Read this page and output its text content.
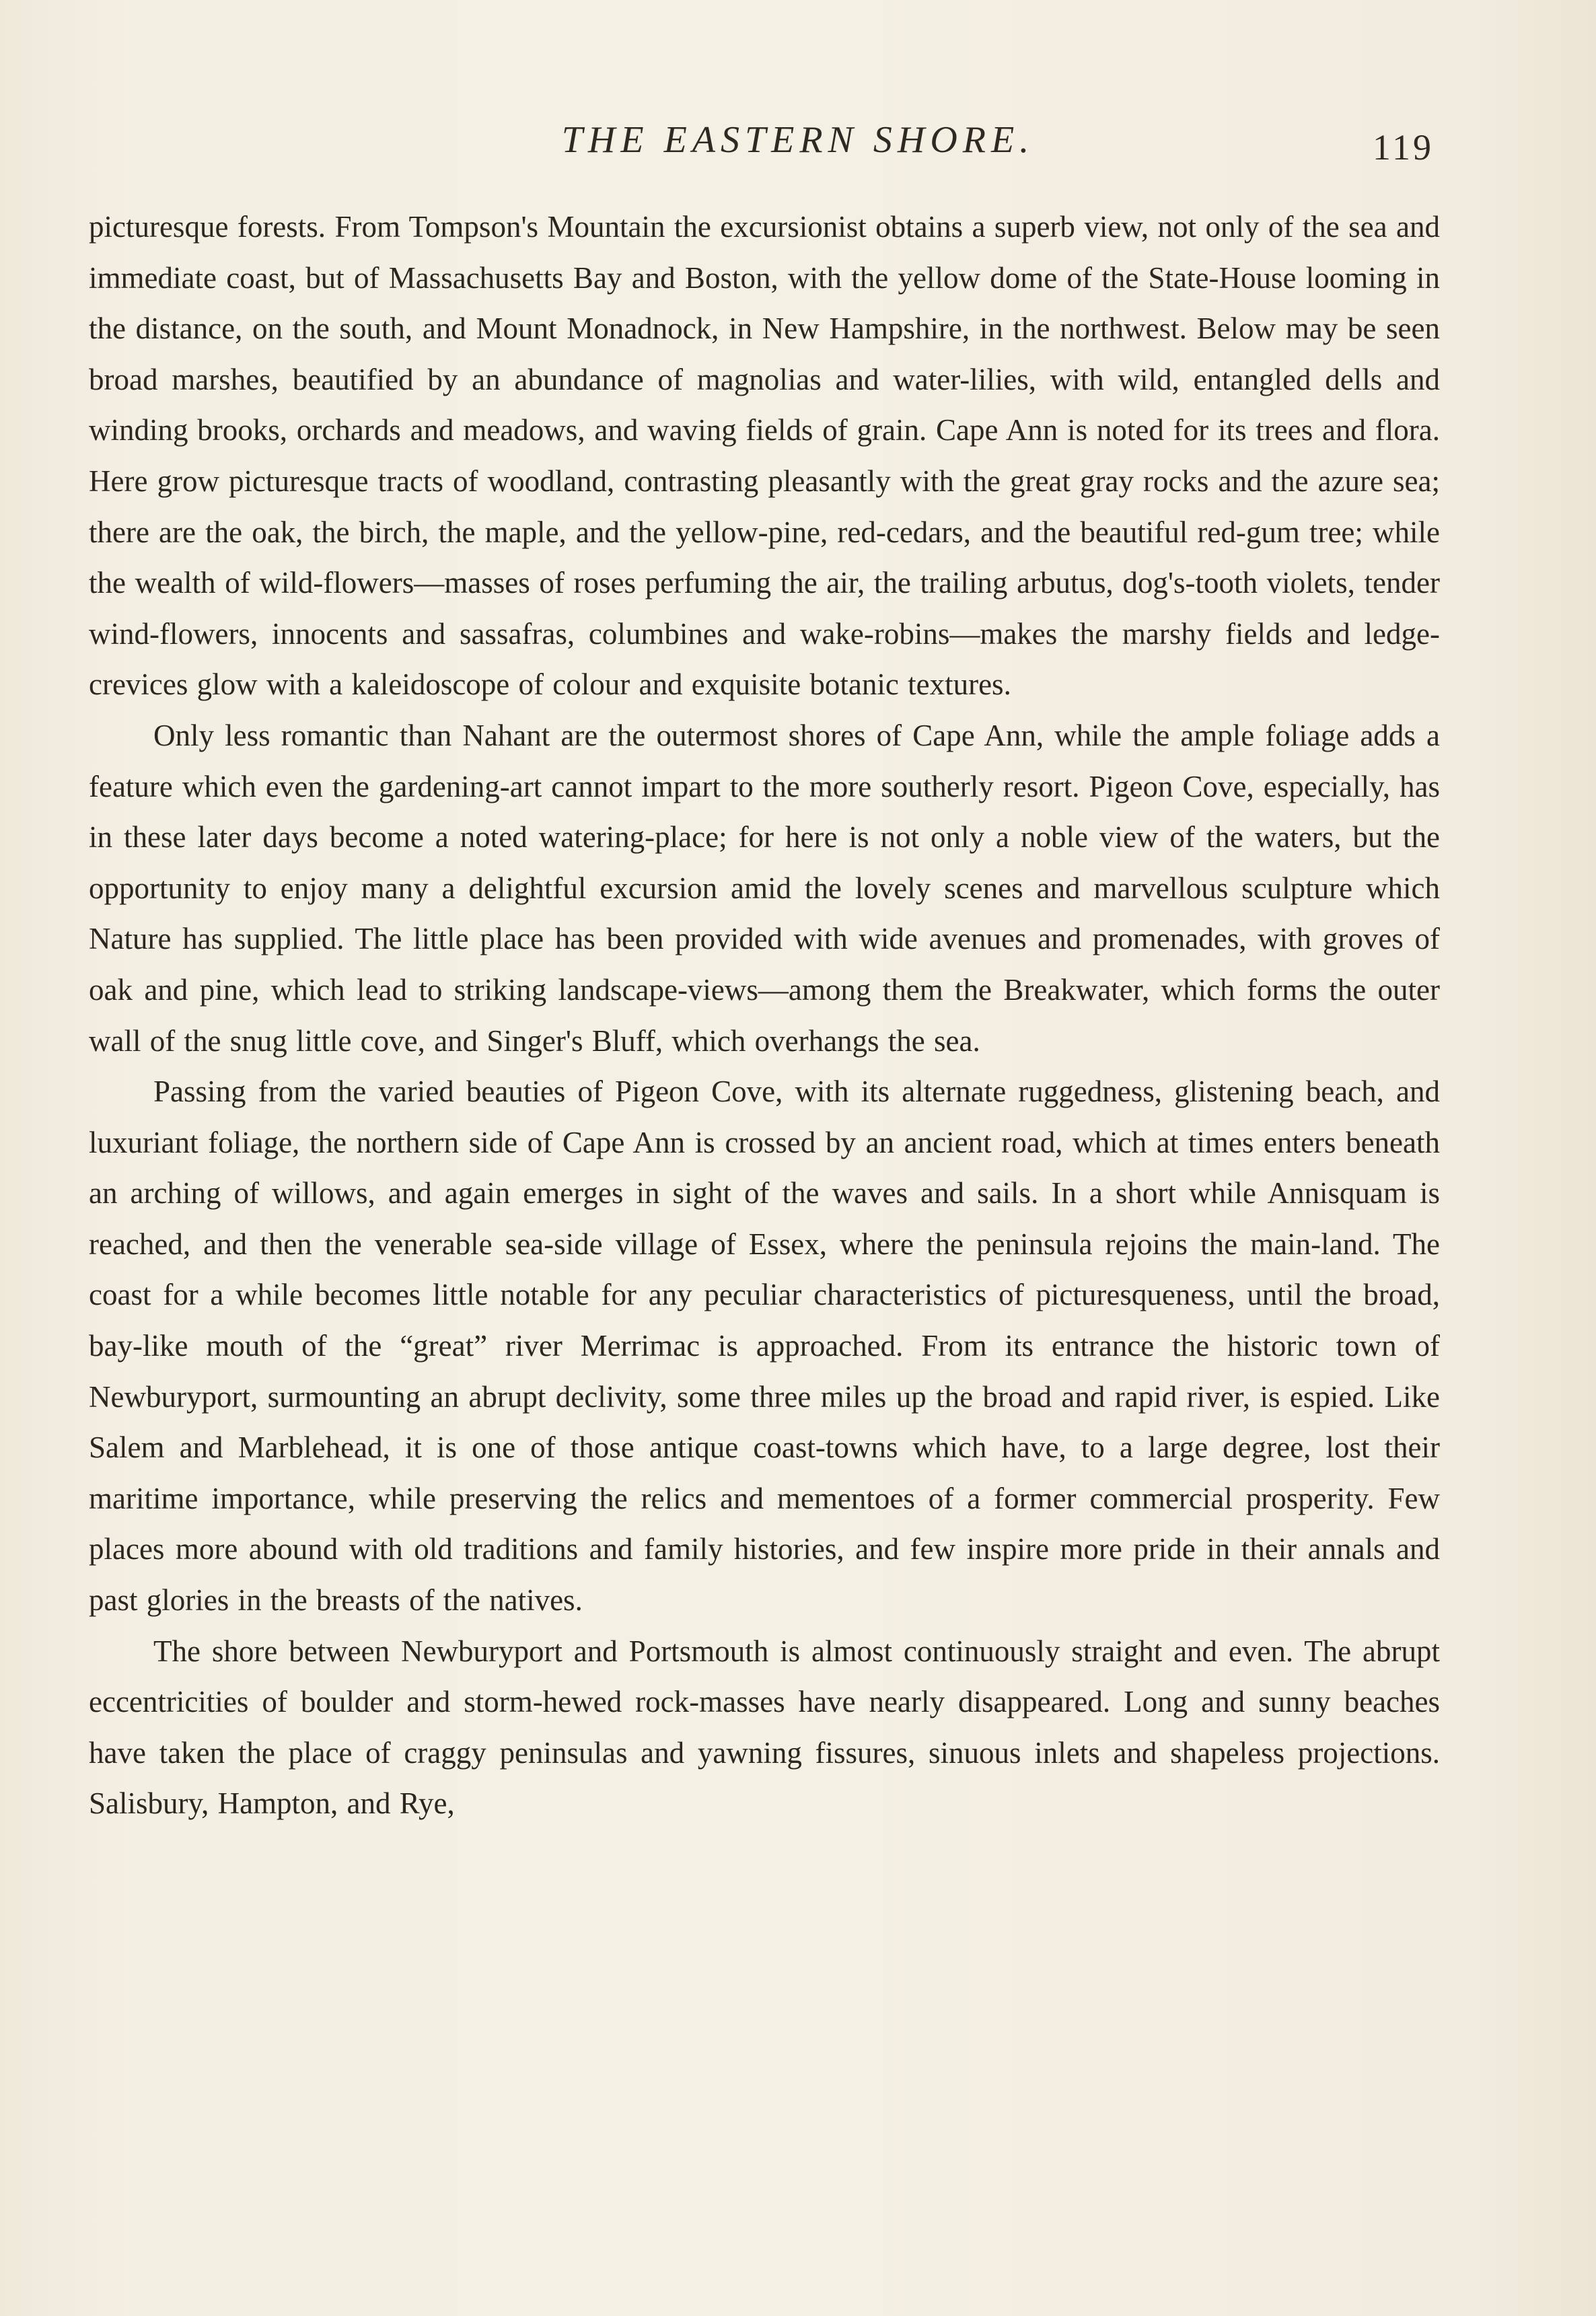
THE EASTERN SHORE.	119

picturesque forests. From Tompson's Mountain the excursionist obtains a superb view, not only of the sea and immediate coast, but of Massachusetts Bay and Boston, with the yellow dome of the State-House looming in the distance, on the south, and Mount Monadnock, in New Hampshire, in the northwest. Below may be seen broad marshes, beautified by an abundance of magnolias and water-lilies, with wild, entangled dells and winding brooks, orchards and meadows, and waving fields of grain. Cape Ann is noted for its trees and flora. Here grow picturesque tracts of woodland, contrasting pleasantly with the great gray rocks and the azure sea; there are the oak, the birch, the maple, and the yellow-pine, red-cedars, and the beautiful red-gum tree; while the wealth of wild-flowers—masses of roses perfuming the air, the trailing arbutus, dog's-tooth violets, tender wind-flowers, innocents and sassafras, columbines and wake-robins—makes the marshy fields and ledge-crevices glow with a kaleidoscope of colour and exquisite botanic textures.

Only less romantic than Nahant are the outermost shores of Cape Ann, while the ample foliage adds a feature which even the gardening-art cannot impart to the more southerly resort. Pigeon Cove, especially, has in these later days become a noted watering-place; for here is not only a noble view of the waters, but the opportunity to enjoy many a delightful excursion amid the lovely scenes and marvellous sculpture which Nature has supplied. The little place has been provided with wide avenues and promenades, with groves of oak and pine, which lead to striking landscape-views—among them the Breakwater, which forms the outer wall of the snug little cove, and Singer's Bluff, which overhangs the sea.

Passing from the varied beauties of Pigeon Cove, with its alternate ruggedness, glistening beach, and luxuriant foliage, the northern side of Cape Ann is crossed by an ancient road, which at times enters beneath an arching of willows, and again emerges in sight of the waves and sails. In a short while Annisquam is reached, and then the venerable sea-side village of Essex, where the peninsula rejoins the main-land. The coast for a while becomes little notable for any peculiar characteristics of picturesqueness, until the broad, bay-like mouth of the “great” river Merrimac is approached. From its entrance the historic town of Newburyport, surmounting an abrupt declivity, some three miles up the broad and rapid river, is espied. Like Salem and Marblehead, it is one of those antique coast-towns which have, to a large degree, lost their maritime importance, while preserving the relics and mementoes of a former commercial prosperity. Few places more abound with old traditions and family histories, and few inspire more pride in their annals and past glories in the breasts of the natives.

The shore between Newburyport and Portsmouth is almost continuously straight and even. The abrupt eccentricities of boulder and storm-hewed rock-masses have nearly disappeared. Long and sunny beaches have taken the place of craggy peninsulas and yawning fissures, sinuous inlets and shapeless projections. Salisbury, Hampton, and Rye,
